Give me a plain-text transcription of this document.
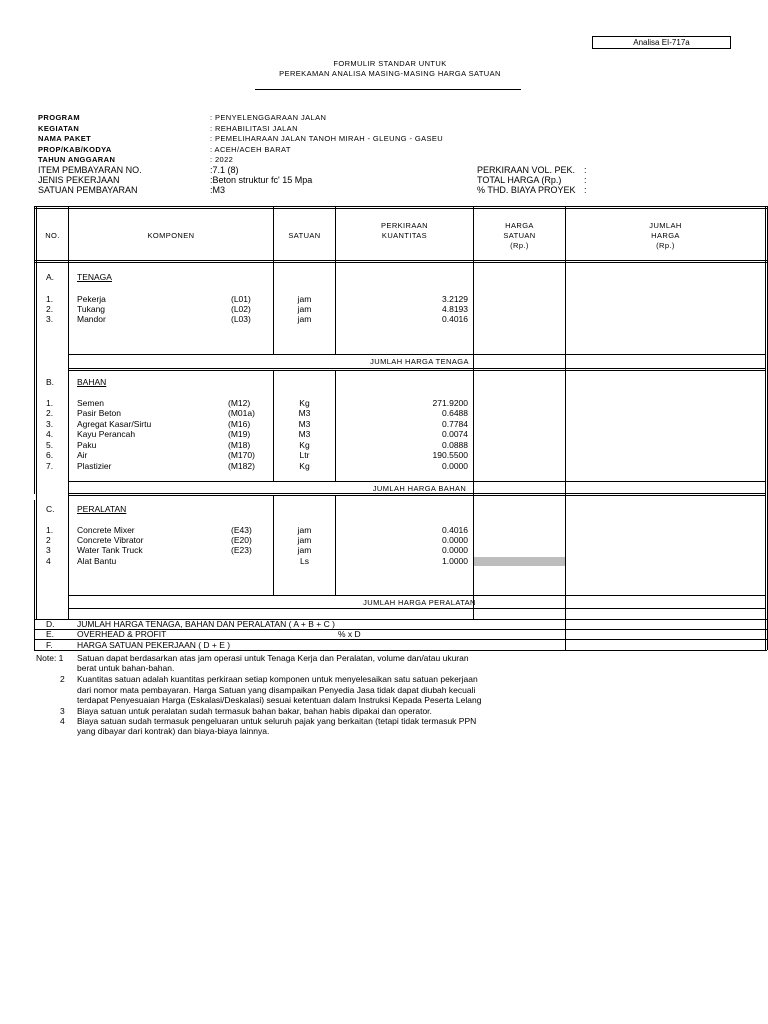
Analisa EI-717a
FORMULIR STANDAR UNTUK
PEREKAMAN ANALISA MASING-MASING HARGA SATUAN
PROGRAM	: PENYELENGGARAAN JALAN
KEGIATAN	: REHABILITASI JALAN
NAMA PAKET	: PEMELIHARAAN JALAN TANOH MIRAH - GLEUNG - GASEU
PROP/KAB/KODYA	: ACEH/ACEH BARAT
TAHUN ANGGARAN	: 2022
ITEM PEMBAYARAN NO.	:7.1 (8)
JENIS PEKERJAAN	:Beton struktur fc' 15 Mpa
SATUAN PEMBAYARAN	:M3
PERKIRAAN VOL. PEK. :
TOTAL HARGA (Rp.)	:
% THD. BIAYA PROYEK :
NO.	KOMPONEN	SATUAN
PERKIRAAN
KUANTITAS
HARGA
SATUAN
(Rp.)
JUMLAH
HARGA
(Rp.)
A.	TENAGA
1.	Pekerja	(L01)	jam	3.2129
2.	Tukang	(L02)	jam	4.8193
3.	Mandor	(L03)	jam	0.4016
JUMLAH HARGA TENAGA
B.	BAHAN
1.	Semen	(M12)	Kg	271.9200
2.	Pasir Beton	(M01a)	M3	0.6488
3.	Agregat Kasar/Sirtu	(M16)	M3	0.7784
4.	Kayu Perancah	(M19)	M3	0.0074
5.	Paku	(M18)	Kg	0.0888
6.	Air	(M170)	Ltr	190.5500
7.	Plastizier	(M182)	Kg	0.0000
JUMLAH HARGA BAHAN
C.	PERALATAN
1.	Concrete Mixer	(E43)	jam	0.4016
2	Concrete Vibrator	(E20)	jam	0.0000
3	Water Tank Truck	(E23)	jam	0.0000
4	Alat Bantu	Ls	1.0000
JUMLAH HARGA PERALATAN
D.	JUMLAH HARGA TENAGA, BAHAN DAN PERALATAN ( A + B + C )
E.	OVERHEAD & PROFIT	% x D
F.	HARGA SATUAN PEKERJAAN ( D + E )
Note: 1 Satuan dapat berdasarkan atas jam operasi untuk Tenaga Kerja dan Peralatan, volume dan/atau ukuran
berat untuk bahan-bahan.
2 Kuantitas satuan adalah kuantitas perkiraan setiap komponen untuk menyelesaikan satu satuan pekerjaan
dari nomor mata pembayaran. Harga Satuan yang disampaikan Penyedia Jasa tidak dapat diubah kecuali
terdapat Penyesuaian Harga (Eskalasi/Deskalasi) sesuai ketentuan dalam Instruksi Kepada Peserta Lelang
3 Biaya satuan untuk peralatan sudah termasuk bahan bakar, bahan habis dipakai dan operator.
4 Biaya satuan sudah termasuk pengeluaran untuk seluruh pajak yang berkaitan (tetapi tidak termasuk PPN
yang dibayar dari kontrak) dan biaya-biaya lainnya.
